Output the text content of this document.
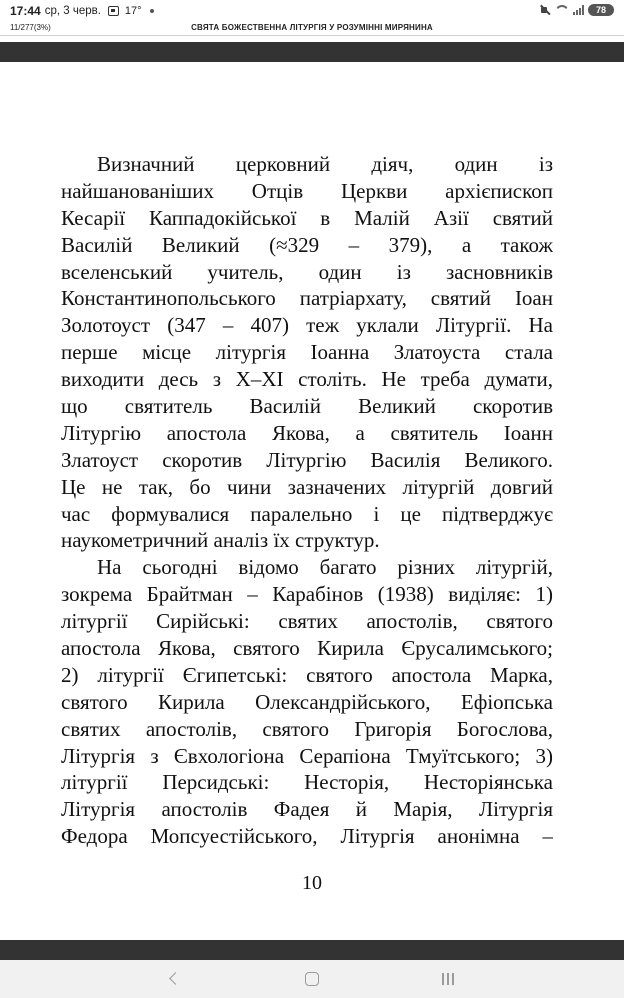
17:44 ср, 3 черв. 17°	78
11/277(3%)	СВЯТА БОЖЕСТВЕННА ЛІТУРГІЯ У РОЗУМІННІ МИРЯНИНА
Визначний церковний діяч, один із
найшанованіших Отців Церкви архієпископ
Кесарії Каппадокійської в Малій Азії святий
Василій Великий (≈329 – 379), а також
вселенський учитель, один із засновників
Константинопольського патріархату, святий Іоан
Золотоуст (347 – 407) теж уклали Літургії. На
перше місце літургія Іоанна Златоуста стала
виходити десь з X–XI століть. Не треба думати,
що святитель Василій Великий скоротив
Літургію апостола Якова, а святитель Іоанн
Златоуст скоротив Літургію Василія Великого.
Це не так, бо чини зазначених літургій довгий
час формувалися паралельно і це підтверджує
наукометричний аналіз їх структур.
На сьогодні відомо багато різних літургій,
зокрема Брайтман – Карабінов (1938) виділяє: 1)
літургії Сирійські: святих апостолів, святого
апостола Якова, святого Кирила Єрусалимського;
2) літургії Єгипетські: святого апостола Марка,
святого Кирила Олександрійського, Ефіопська
святих апостолів, святого Григорія Богослова,
Літургія з Євхологіона Серапіона Тмуїтського; 3)
літургії Персидські: Несторія, Несторіянська
Літургія апостолів Фадея й Марія, Літургія
Федора Мопсуестійського, Літургія анонімна –
10
